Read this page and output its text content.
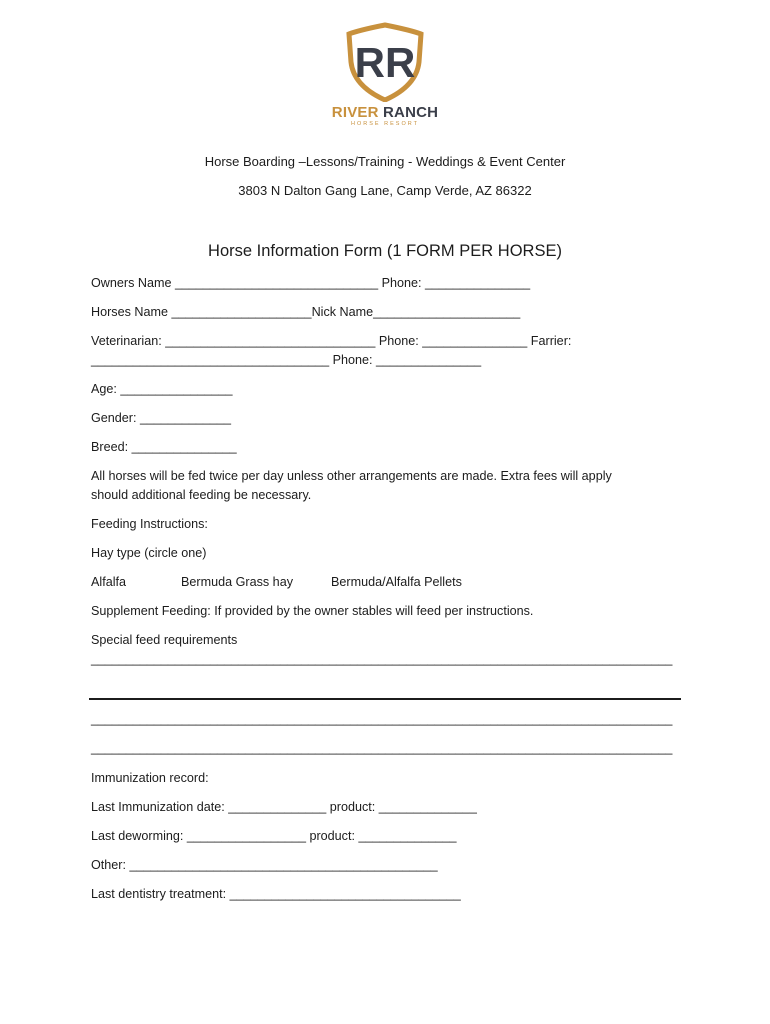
RR
RIVER RANCH
HORSE RESORT
Horse Boarding –Lessons/Training - Weddings & Event Center
3803 N Dalton Gang Lane, Camp Verde, AZ 86322
Horse Information Form (1 FORM PER HORSE)
Owners Name _____________________________ Phone: _______________
Horses Name ____________________Nick Name_____________________
Veterinarian: ______________________________ Phone: _______________ Farrier:
__________________________________ Phone: _______________
Age: ________________
Gender: _____________
Breed: _______________
All horses will be fed twice per day unless other arrangements are made. Extra fees will apply
should additional feeding be necessary.
Feeding Instructions:
Hay type (circle one)
Alfalfa	Bermuda Grass hay	Bermuda/Alfalfa Pellets
Supplement Feeding: If provided by the owner stables will feed per instructions.
Special feed requirements
___________________________________________________________________________________
___________________________________________________________________________________
___________________________________________________________________________________
Immunization record:
Last Immunization date: ______________ product: ______________
Last deworming: _________________ product: ______________
Other: ____________________________________________
Last dentistry treatment: _________________________________
